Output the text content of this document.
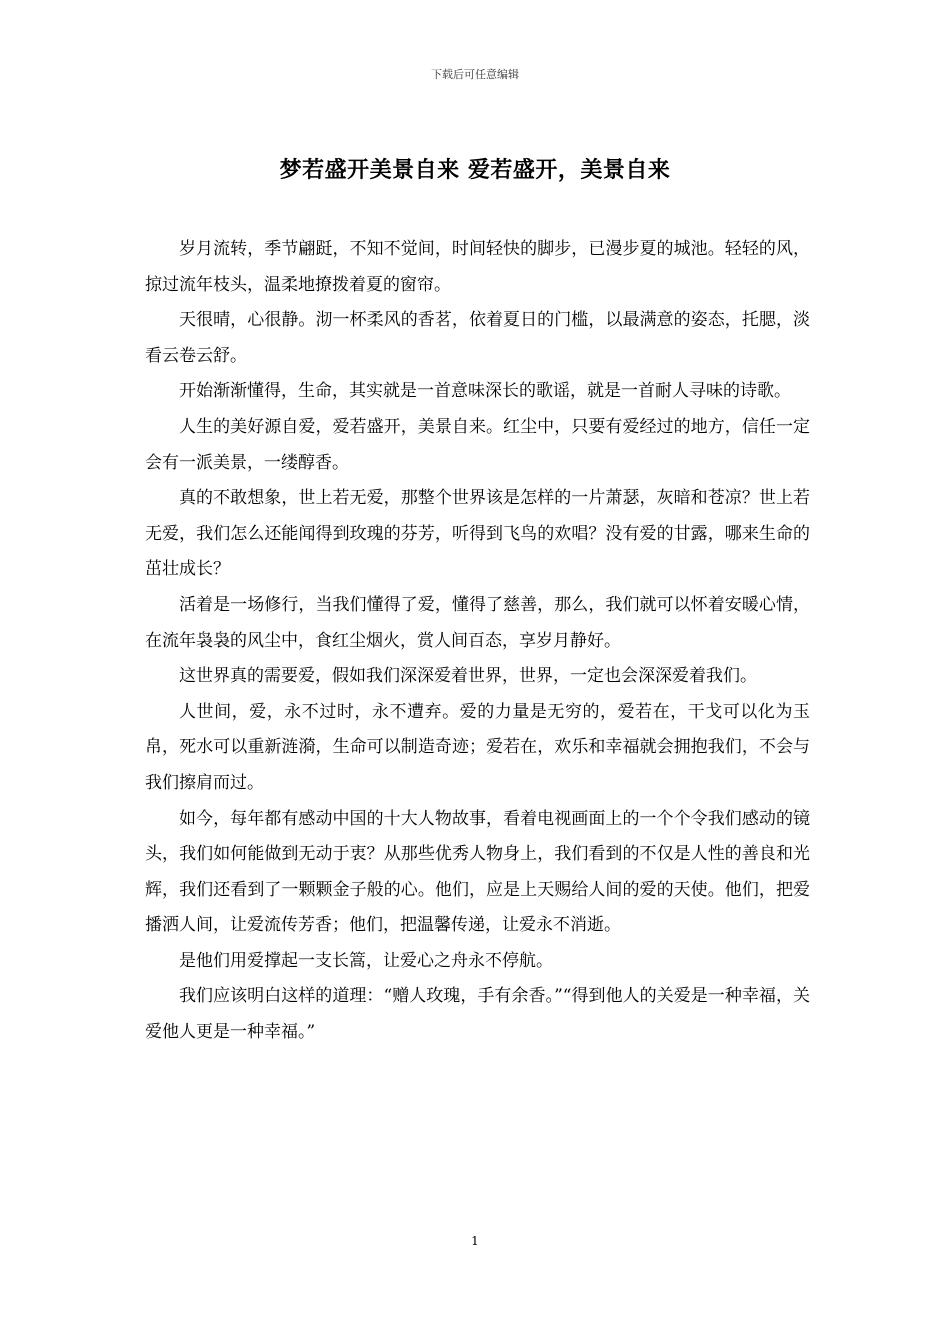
下载后可任意编辑
梦若盛开美景自来 爱若盛开，美景自来

岁月流转，季节翩跹，不知不觉间，时间轻快的脚步，已漫步夏的城池。轻轻的风，掠过流年枝头，温柔地撩拨着夏的窗帘。

天很晴，心很静。沏一杯柔风的香茗，依着夏日的门槛，以最满意的姿态，托腮，淡看云卷云舒。

开始渐渐懂得，生命，其实就是一首意味深长的歌谣，就是一首耐人寻味的诗歌。

人生的美好源自爱，爱若盛开，美景自来。红尘中，只要有爱经过的地方，信任一定会有一派美景，一缕醇香。

真的不敢想象，世上若无爱，那整个世界该是怎样的一片萧瑟，灰暗和苍凉？世上若无爱，我们怎么还能闻得到玫瑰的芬芳，听得到飞鸟的欢唱？没有爱的甘露，哪来生命的茁壮成长？

活着是一场修行，当我们懂得了爱，懂得了慈善，那么，我们就可以怀着安暖心情，在流年袅袅的风尘中，食红尘烟火，赏人间百态，享岁月静好。

这世界真的需要爱，假如我们深深爱着世界，世界，一定也会深深爱着我们。

人世间，爱，永不过时，永不遭弃。爱的力量是无穷的，爱若在，干戈可以化为玉帛，死水可以重新涟漪，生命可以制造奇迹；爱若在，欢乐和幸福就会拥抱我们，不会与我们擦肩而过。

如今，每年都有感动中国的十大人物故事，看着电视画面上的一个个令我们感动的镜头，我们如何能做到无动于衷？从那些优秀人物身上，我们看到的不仅是人性的善良和光辉，我们还看到了一颗颗金子般的心。他们，应是上天赐给人间的爱的天使。他们，把爱播洒人间，让爱流传芳香；他们，把温馨传递，让爱永不消逝。

是他们用爱撑起一支长篙，让爱心之舟永不停航。

我们应该明白这样的道理：“赠人玫瑰，手有余香。”“得到他人的关爱是一种幸福，关爱他人更是一种幸福。”

1
